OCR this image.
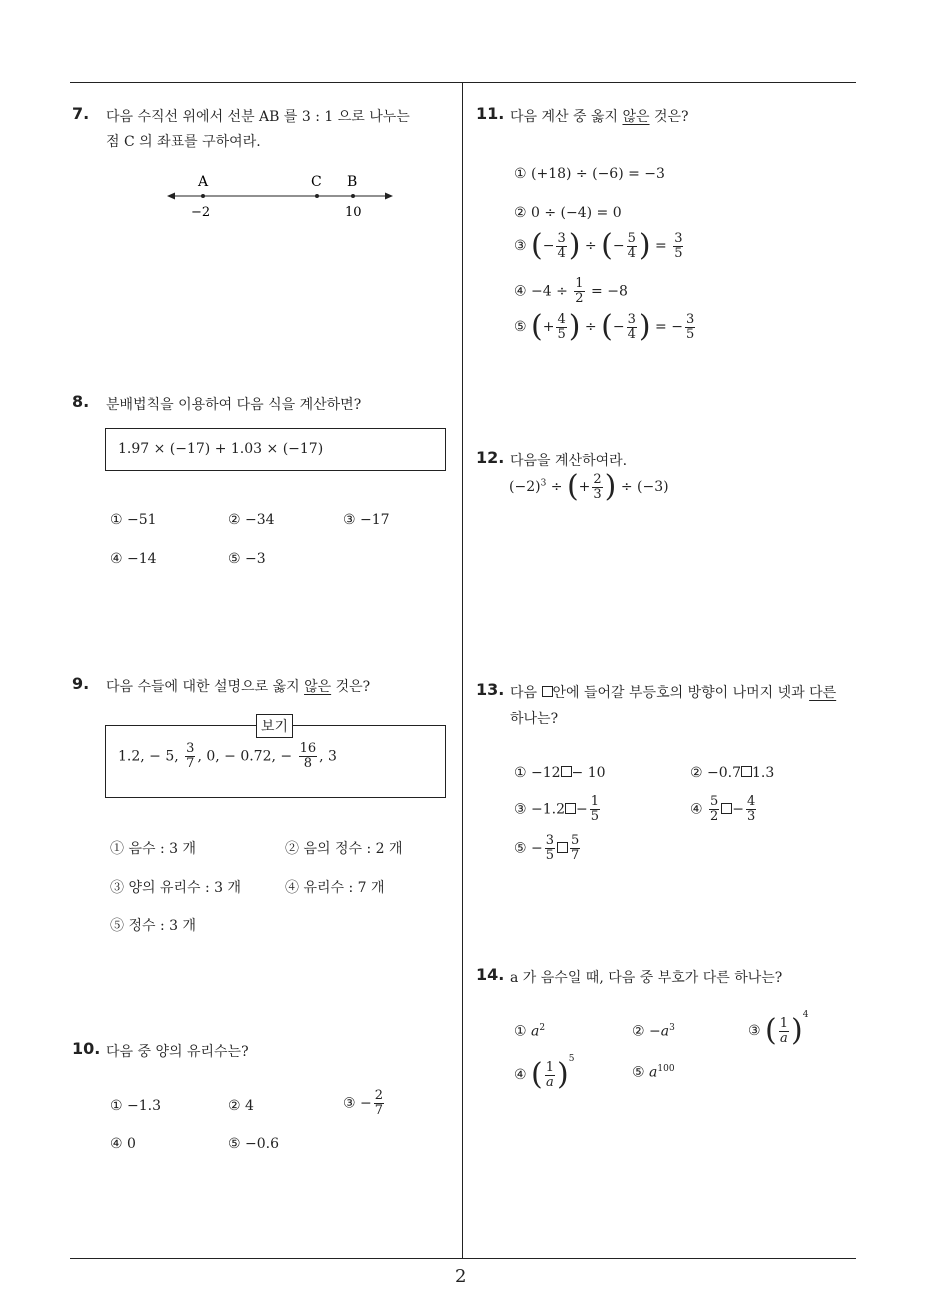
2
7. 다음 수직선 위에서 선분 AB 를 3 : 1 으로 나누는
점 C 의 좌표를 구하여라.
A	C B
−2	10
8. 분배법칙을 이용하여 다음 식을 계산하면?
1.97 × (−17) + 1.03 × (−17)
① −51	② −34	③ −17
④ −14	⑤ −3
9. 다음 수들에 대한 설명으로 옳지 않은 것은?
1.2, − 5, $\frac{3}{7}$ , 0, − 0.72, − $\frac{16}{8}$ , 3
보기
① 음수 : 3 개	② 음의 정수 : 2 개
③ 양의 유리수 : 3 개	④ 유리수 : 7 개
⑤ 정수 : 3 개
10. 다음 중 양의 유리수는?
① −1.3	② 4	③ − $\frac{2}{7}$
④ 0	⑤ −0.6
11. 다음 계산 중 옳지 않은 것은?
① (+18) ÷ (−6) = −3
② 0 ÷ (−4) = 0
③ (− $\frac{3}{4}$ ) ÷ (− $\frac{5}{4}$ ) = $\frac{3}{5}$
④ $-4 \div \frac{1}{2} = -8$
⑤ (+ $\frac{4}{5}$ ) ÷ (− $\frac{3}{4}$ ) = − $\frac{3}{5}$
12. 다음을 계산하여라.
$(-2)^3$ ÷ (+ $\frac{2}{3}$ ) ÷ (−3)
13. 다음 안에 들어갈 부등호의 방향이 나머지 넷과 다른
하나는?
① −12 − 10	② −0.7 1.3
③ $-1.2 - \frac{1}{5}$	④ $\frac{5}{2} - \frac{4}{3}$
⑤ − $\frac{3}{5} \frac{5}{7}$
14. a 가 음수일 때, 다음 중 부호가 다른 하나는?
① $a^2$	② $-a^3$	③ ( $\frac{1}{a})^4$
④ ( $\frac{1}{a})^5$
⑤ $a^{100}$
